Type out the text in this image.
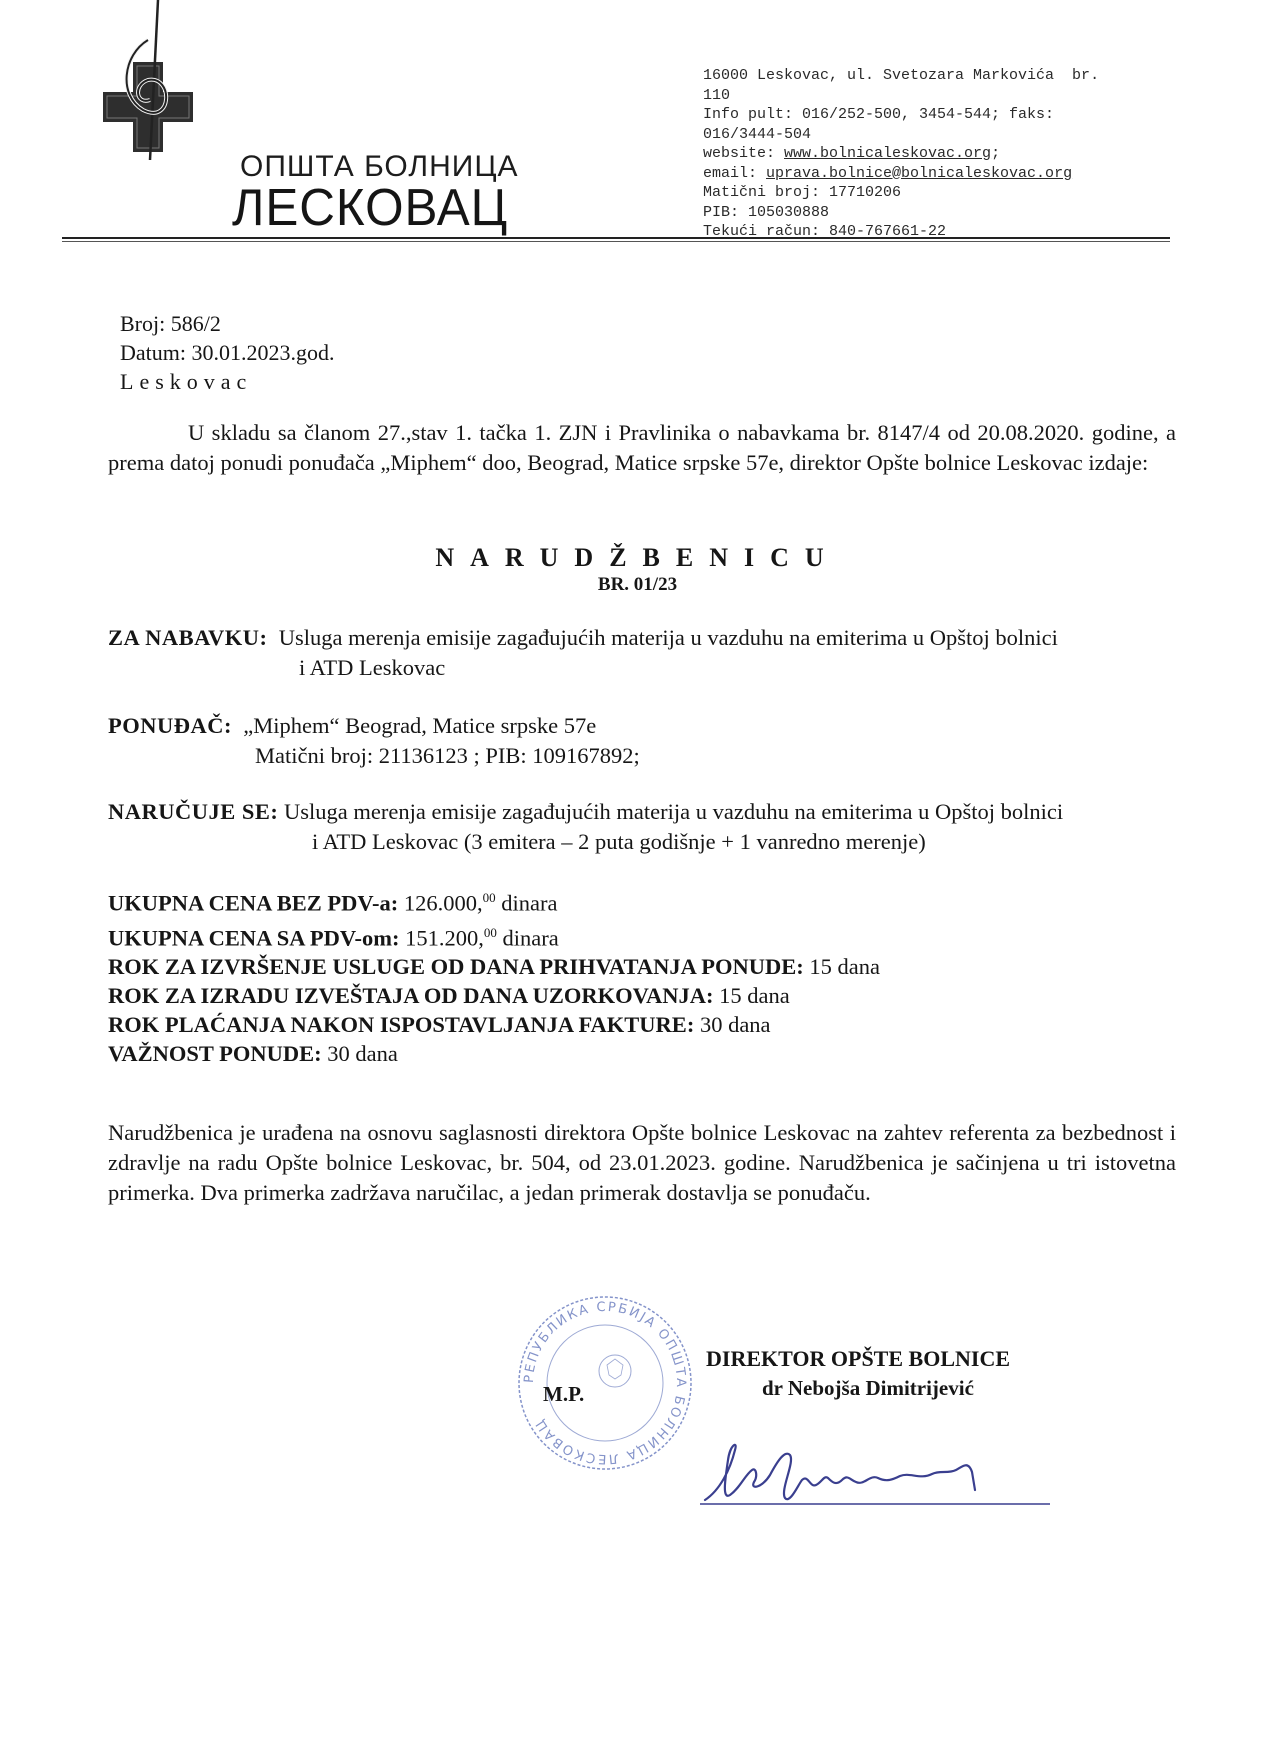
ОПШТА БОЛНИЦА
ЛЕСКОВАЦ
16000 Leskovac, ul. Svetozara Markovića  br.
110
Info pult: 016/252-500, 3454-544; faks:
016/3444-504
website: www.bolnicaleskovac.org;
email: uprava.bolnice@bolnicaleskovac.org
Matični broj: 17710206
PIB: 105030888
Tekući račun: 840-767661-22
Broj: 586/2
Datum: 30.01.2023.god.
Leskovac
U skladu sa članom 27.,stav 1. tačka 1. ZJN i Pravlinika o nabavkama br. 8147/4 od 20.08.2020. godine, a prema datoj ponudi ponuđača „Miphem“ doo, Beograd, Matice srpske 57e, direktor Opšte bolnice Leskovac izdaje:
NARUDŽBENICU
BR. 01/23
ZA NABAVKU: Usluga merenja emisije zagađujućih materija u vazduhu na emiterima u Opštoj bolnici
i ATD Leskovac
PONUĐAČ: „Miphem“ Beograd, Matice srpske 57e
Matični broj: 21136123 ; PIB: 109167892;
NARUČUJE SE: Usluga merenja emisije zagađujućih materija u vazduhu na emiterima u Opštoj bolnici
i ATD Leskovac (3 emitera – 2 puta godišnje + 1 vanredno merenje)
UKUPNA CENA BEZ PDV-a: 126.000,00 dinara
UKUPNA CENA SA PDV-om: 151.200,00 dinara
ROK ZA IZVRŠENJE USLUGE OD DANA PRIHVATANJA PONUDE: 15 dana
ROK ZA IZRADU IZVEŠTAJA OD DANA UZORKOVANJA: 15 dana
ROK PLAĆANJA NAKON ISPOSTAVLJANJA FAKTURE: 30 dana
VAŽNOST PONUDE: 30 dana
Narudžbenica je urađena na osnovu saglasnosti direktora Opšte bolnice Leskovac na zahtev referenta za bezbednost i zdravlje na radu Opšte bolnice Leskovac, br. 504, od 23.01.2023. godine. Narudžbenica je sačinjena u tri istovetna primerka. Dva primerka zadržava naručilac, a jedan primerak dostavlja se ponuđaču.
РЕПУБЛИКА СРБИЈА ОПШТА БОЛНИЦА ЛЕСКОВАЦ
M.P.
DIREKTOR OPŠTE BOLNICE
dr Nebojša Dimitrijević
